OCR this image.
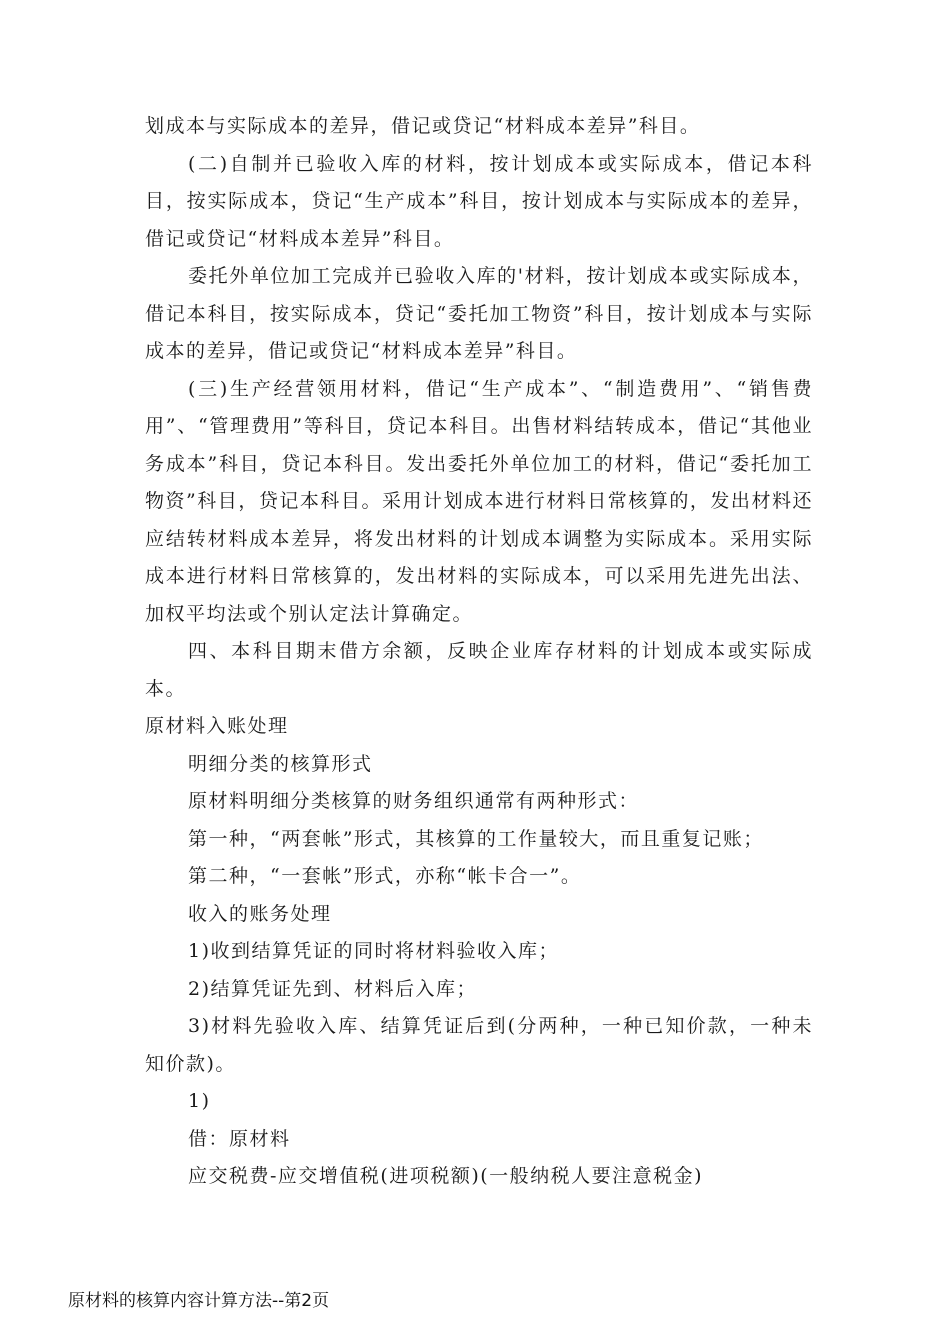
划成本与实际成本的差异，借记或贷记“材料成本差异”科目。

(二)自制并已验收入库的材料，按计划成本或实际成本，借记本科目，按实际成本，贷记“生产成本”科目，按计划成本与实际成本的差异，借记或贷记“材料成本差异”科目。

委托外单位加工完成并已验收入库的'材料，按计划成本或实际成本，借记本科目，按实际成本，贷记“委托加工物资”科目，按计划成本与实际成本的差异，借记或贷记“材料成本差异”科目。

(三)生产经营领用材料，借记“生产成本”、“制造费用”、“销售费用”、“管理费用”等科目，贷记本科目。出售材料结转成本，借记“其他业务成本”科目，贷记本科目。发出委托外单位加工的材料，借记“委托加工物资”科目，贷记本科目。采用计划成本进行材料日常核算的，发出材料还应结转材料成本差异，将发出材料的计划成本调整为实际成本。采用实际成本进行材料日常核算的，发出材料的实际成本，可以采用先进先出法、加权平均法或个别认定法计算确定。

四、本科目期末借方余额，反映企业库存材料的计划成本或实际成本。

原材料入账处理

明细分类的核算形式

原材料明细分类核算的财务组织通常有两种形式：

第一种，“两套帐”形式，其核算的工作量较大，而且重复记账；

第二种，“一套帐”形式，亦称“帐卡合一”。

收入的账务处理

1)收到结算凭证的同时将材料验收入库；

2)结算凭证先到、材料后入库；

3)材料先验收入库、结算凭证后到(分两种，一种已知价款，一种未知价款)。

1)

借：原材料

应交税费-应交增值税(进项税额)(一般纳税人要注意税金)

原材料的核算内容计算方法--第2页
